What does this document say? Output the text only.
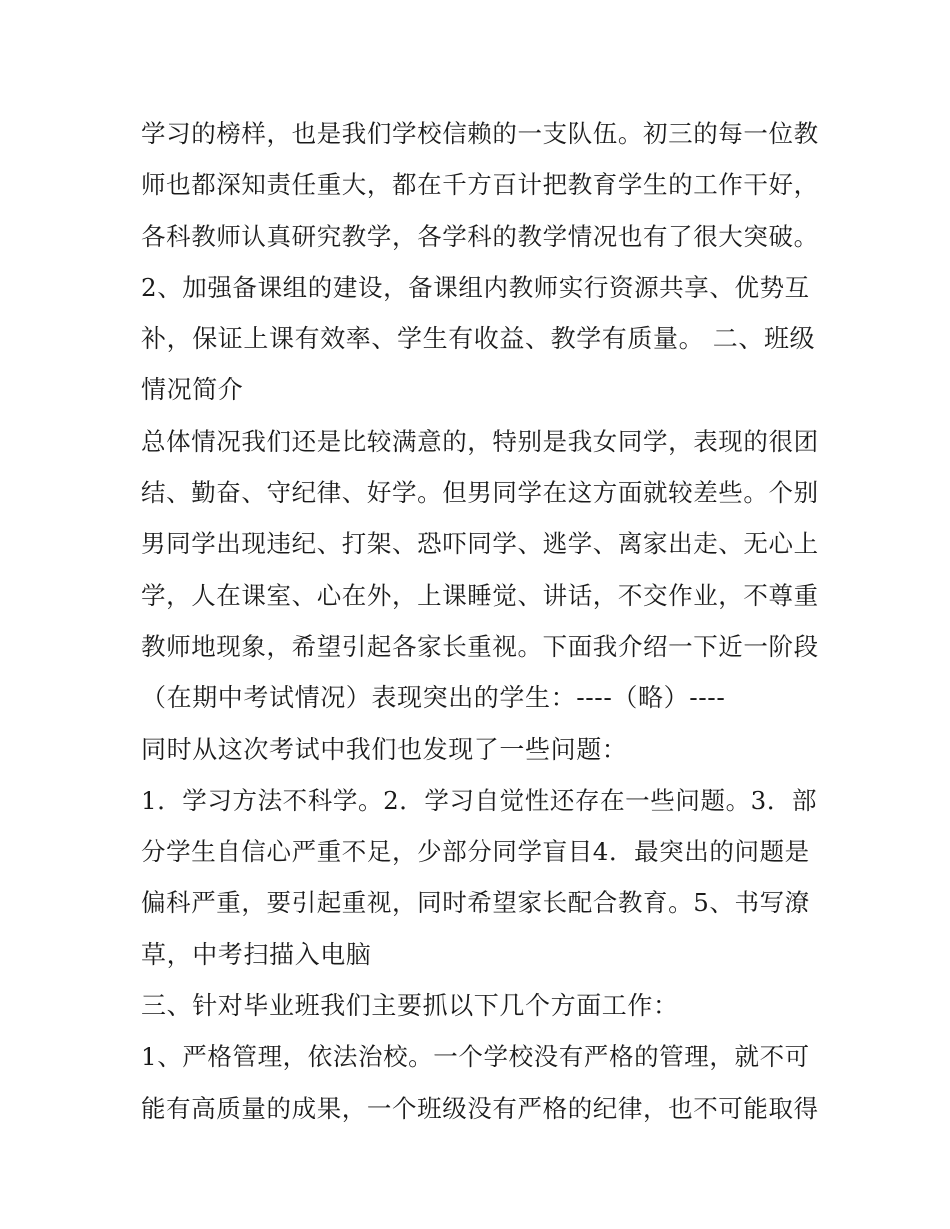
学习的榜样，也是我们学校信赖的一支队伍。初三的每一位教
师也都深知责任重大，都在千方百计把教育学生的工作干好，
各科教师认真研究教学，各学科的教学情况也有了很大突破。
2、加强备课组的建设，备课组内教师实行资源共享、优势互
补，保证上课有效率、学生有收益、教学有质量。 二、班级
情况简介
总体情况我们还是比较满意的，特别是我女同学，表现的很团
结、勤奋、守纪律、好学。但男同学在这方面就较差些。个别
男同学出现违纪、打架、恐吓同学、逃学、离家出走、无心上
学，人在课室、心在外，上课睡觉、讲话，不交作业，不尊重
教师地现象，希望引起各家长重视。下面我介绍一下近一阶段
（在期中考试情况）表现突出的学生：----（略）----
同时从这次考试中我们也发现了一些问题：
1．学习方法不科学。2．学习自觉性还存在一些问题。3．部
分学生自信心严重不足，少部分同学盲目4．最突出的问题是
偏科严重，要引起重视，同时希望家长配合教育。5、书写潦
草，中考扫描入电脑
三、针对毕业班我们主要抓以下几个方面工作：
1、严格管理，依法治校。一个学校没有严格的管理，就不可
能有高质量的成果，一个班级没有严格的纪律，也不可能取得
